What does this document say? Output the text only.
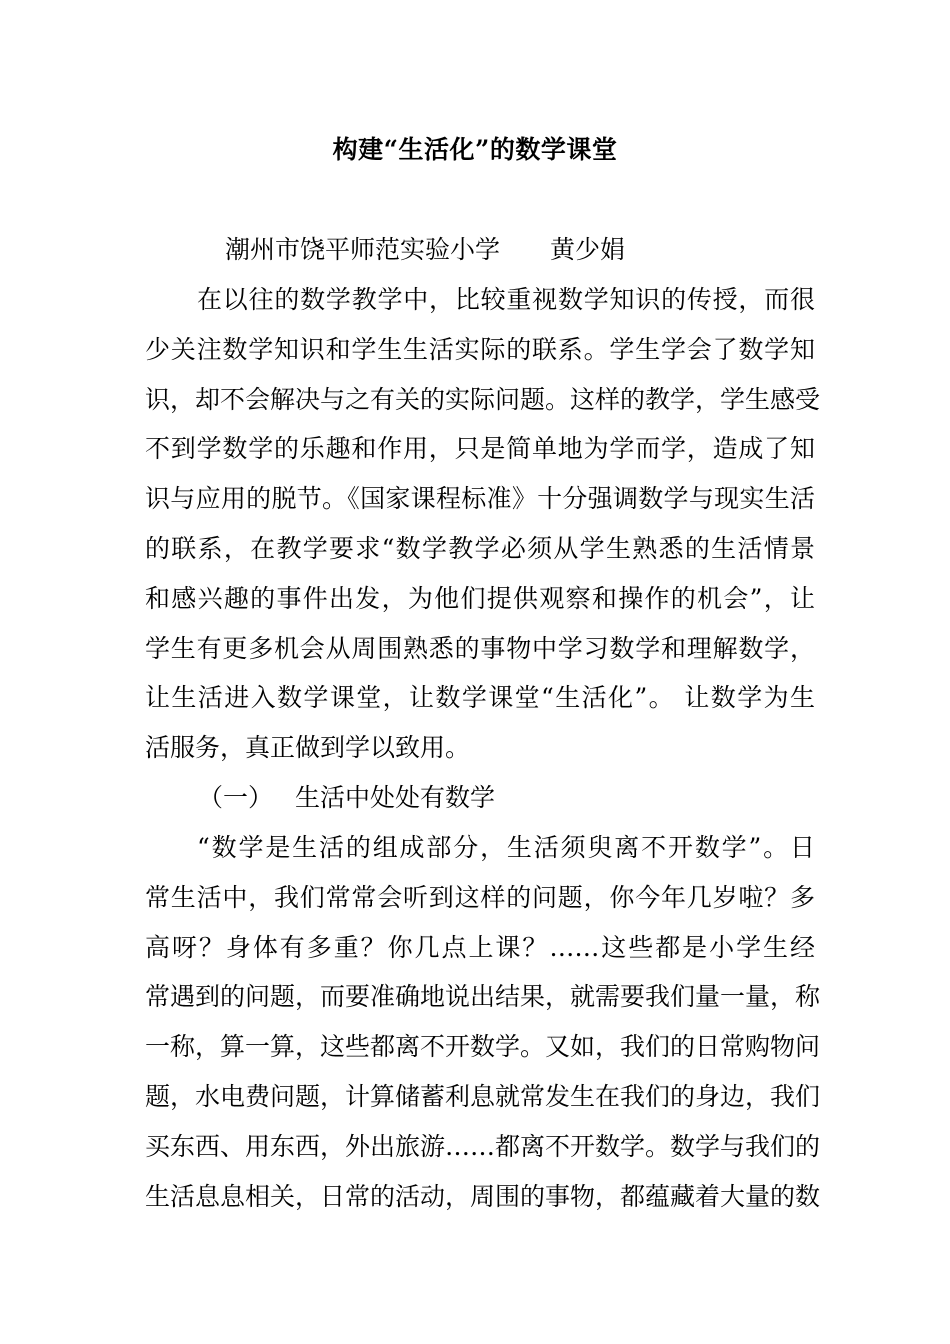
构建“生活化”的数学课堂
潮州市饶平师范实验小学 黄少娟
在以往的数学教学中，比较重视数学知识的传授，而很
少关注数学知识和学生生活实际的联系。学生学会了数学知
识，却不会解决与之有关的实际问题。这样的教学，学生感受
不到学数学的乐趣和作用，只是简单地为学而学，造成了知
识与应用的脱节。《国家课程标准》十分强调数学与现实生活
的联系，在教学要求“数学教学必须从学生熟悉的生活情景
和感兴趣的事件出发，为他们提供观察和操作的机会”，让
学生有更多机会从周围熟悉的事物中学习数学和理解数学，
让生活进入数学课堂，让数学课堂“生活化”。 让数学为生
活服务，真正做到学以致用。
（一） 生活中处处有数学
“数学是生活的组成部分，生活须臾离不开数学”。日
常生活中，我们常常会听到这样的问题，你今年几岁啦？多
高呀？身体有多重？你几点上课？……这些都是小学生经
常遇到的问题，而要准确地说出结果，就需要我们量一量，称
一称，算一算，这些都离不开数学。又如，我们的日常购物问
题，水电费问题，计算储蓄利息就常发生在我们的身边，我们
买东西、用东西，外出旅游……都离不开数学。数学与我们的
生活息息相关，日常的活动，周围的事物，都蕴藏着大量的数
